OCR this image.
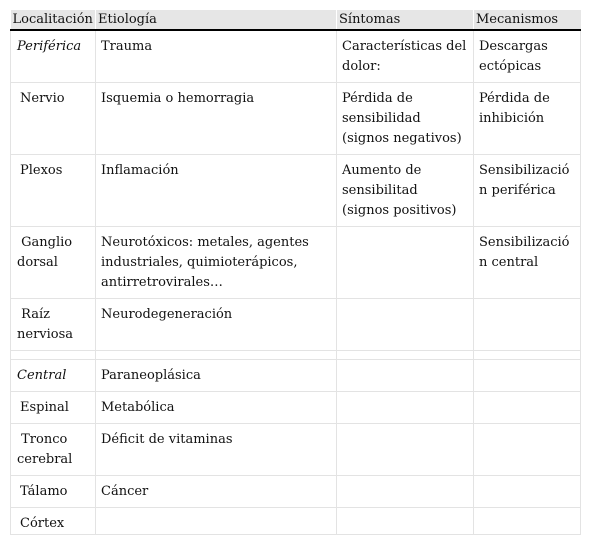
Localitación	Etiología	Síntomas	Mecanismos
Periférica	Trauma	Características del dolor:	Descargas ectópicas
Nervio	Isquemia o hemorragia	Pérdida de sensibilidad (signos negativos)	Pérdida de inhibición
Plexos	Inflamación	Aumento de sensibilitad (signos positivos)	Sensibilización periférica
Ganglio dorsal	Neurotóxicos: metales, agentes industriales, quimioterápicos, antirretrovirales…		Sensibilización central
Raíz nerviosa	Neurodegeneración		

Central	Paraneoplásica		
Espinal	Metabólica		
Tronco cerebral	Déficit de vitaminas		
Tálamo	Cáncer		
Córtex			
